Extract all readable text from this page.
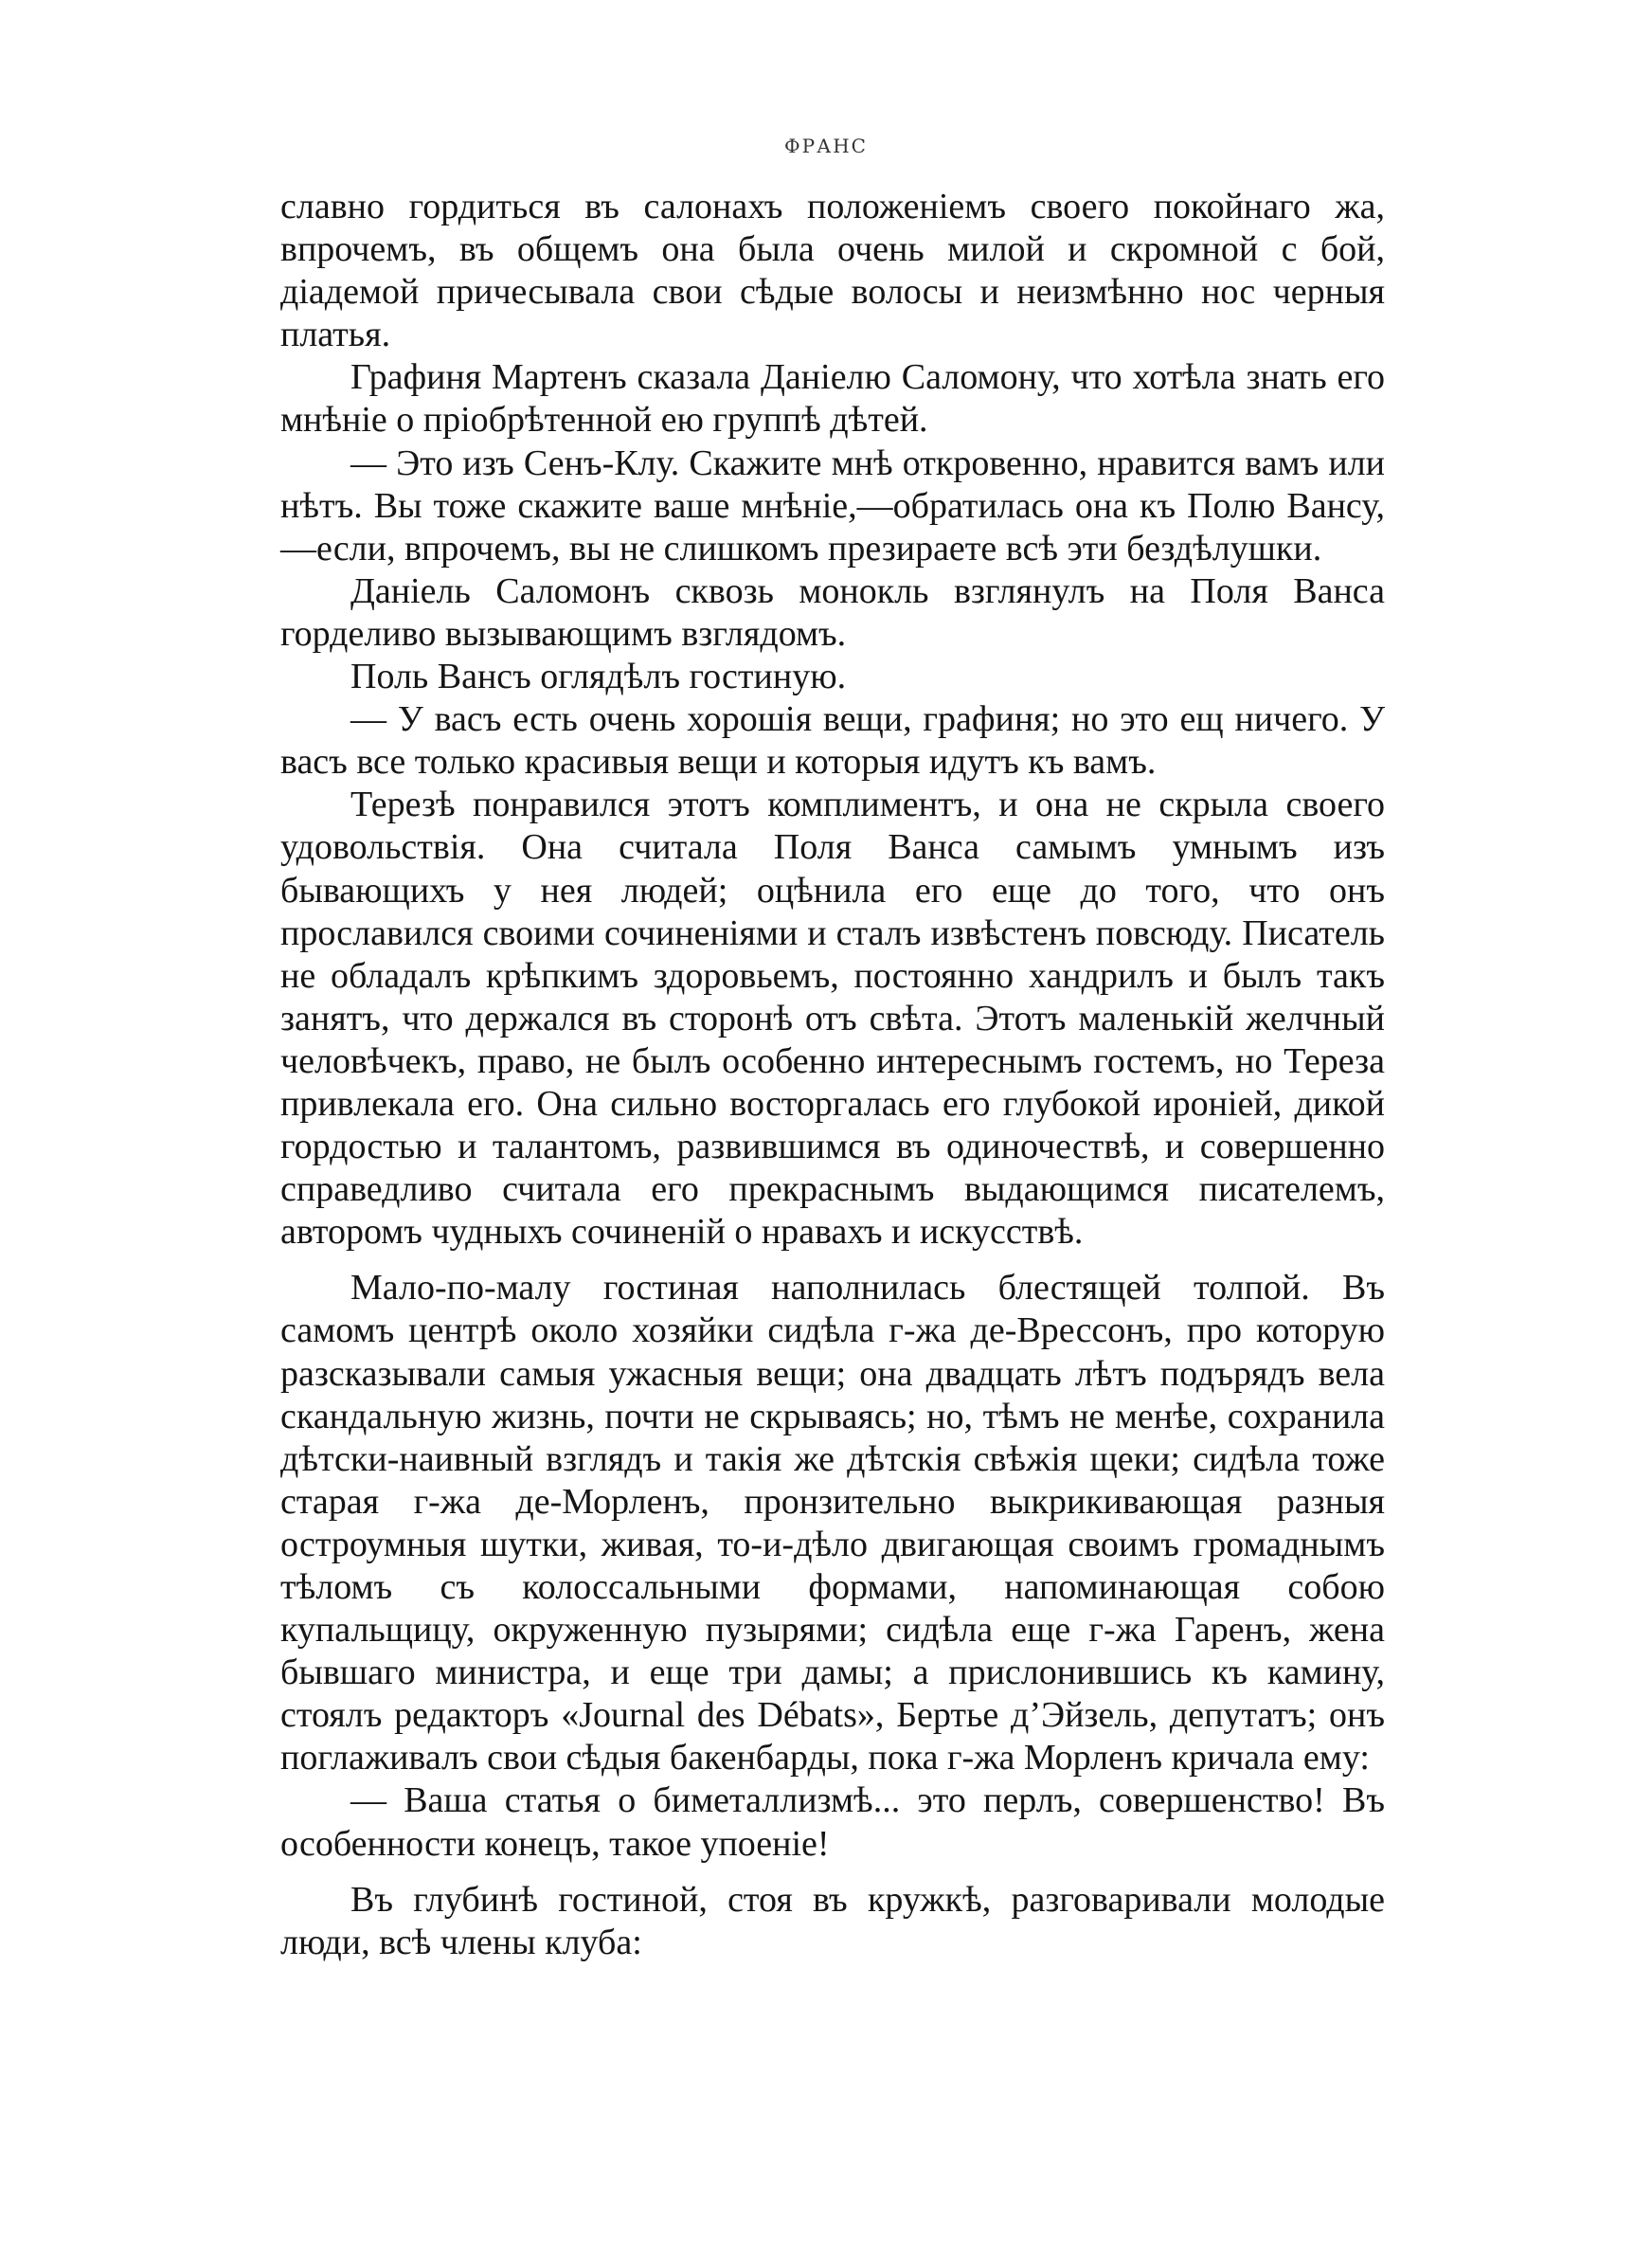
ФРАНС

славно гордиться въ салонахъ положеніемъ своего покойнаго жа, впрочемъ, въ общемъ она была очень милой и скромной с бой, діадемой причесывала свои сѣдые волосы и неизмѣнно нос черныя платья.

Графиня Мартенъ сказала Даніелю Саломону, что хотѣла знать его мнѣніе о пріобрѣтенной ею группѣ дѣтей.

— Это изъ Сенъ-Клу. Скажите мнѣ откровенно, нравится вамъ или нѣтъ. Вы тоже скажите ваше мнѣніе,—обратилась она къ Полю Вансу,—если, впрочемъ, вы не слишкомъ презираете всѣ эти бездѣлушки.

Даніель Саломонъ сквозь монокль взглянулъ на Поля Ванса горделиво вызывающимъ взглядомъ.

Поль Вансъ оглядѣлъ гостиную.

— У васъ есть очень хорошія вещи, графиня; но это ещ ничего. У васъ все только красивыя вещи и которыя идутъ къ вамъ.

Терезѣ понравился этотъ комплиментъ, и она не скрыла своего удовольствія. Она считала Поля Ванса самымъ умнымъ изъ бывающихъ у нея людей; оцѣнила его еще до того, что онъ прославился своими сочиненіями и сталъ извѣстенъ повсюду. Писатель не обладалъ крѣпкимъ здоровьемъ, постоянно хандрилъ и былъ такъ занятъ, что держался въ сторонѣ отъ свѣта. Этотъ маленькій желчный человѣчекъ, право, не былъ особенно интереснымъ гостемъ, но Тереза привлекала его. Она сильно восторгалась его глубокой ироніей, дикой гордостью и талантомъ, развившимся въ одиночествѣ, и совершенно справедливо считала его прекраснымъ выдающимся писателемъ, авторомъ чудныхъ сочиненій о нравахъ и искусствѣ.

Мало-по-малу гостиная наполнилась блестящей толпой. Въ самомъ центрѣ около хозяйки сидѣла г-жа де-Врессонъ, про которую разсказывали самыя ужасныя вещи; она двадцать лѣтъ подърядъ вела скандальную жизнь, почти не скрываясь; но, тѣмъ не менѣе, сохранила дѣтски-наивный взглядъ и такія же дѣтскія свѣжія щеки; сидѣла тоже старая г-жа де-Морленъ, пронзительно выкрикивающая разныя остроумныя шутки, живая, то-и-дѣло двигающая своимъ громаднымъ тѣломъ съ колоссальными формами, напоминающая собою купальщицу, окруженную пузырями; сидѣла еще г-жа Гаренъ, жена бывшаго министра, и еще три дамы; а прислонившись къ камину, стоялъ редакторъ «Journal des Débats», Бертье д’Эйзель, депутатъ; онъ поглаживалъ свои сѣдыя бакенбарды, пока г-жа Морленъ кричала ему:

— Ваша статья о биметаллизмѣ... это перлъ, совершенство! Въ особенности конецъ, такое упоеніе!

Въ глубинѣ гостиной, стоя въ кружкѣ, разговаривали молодые люди, всѣ члены клуба:
